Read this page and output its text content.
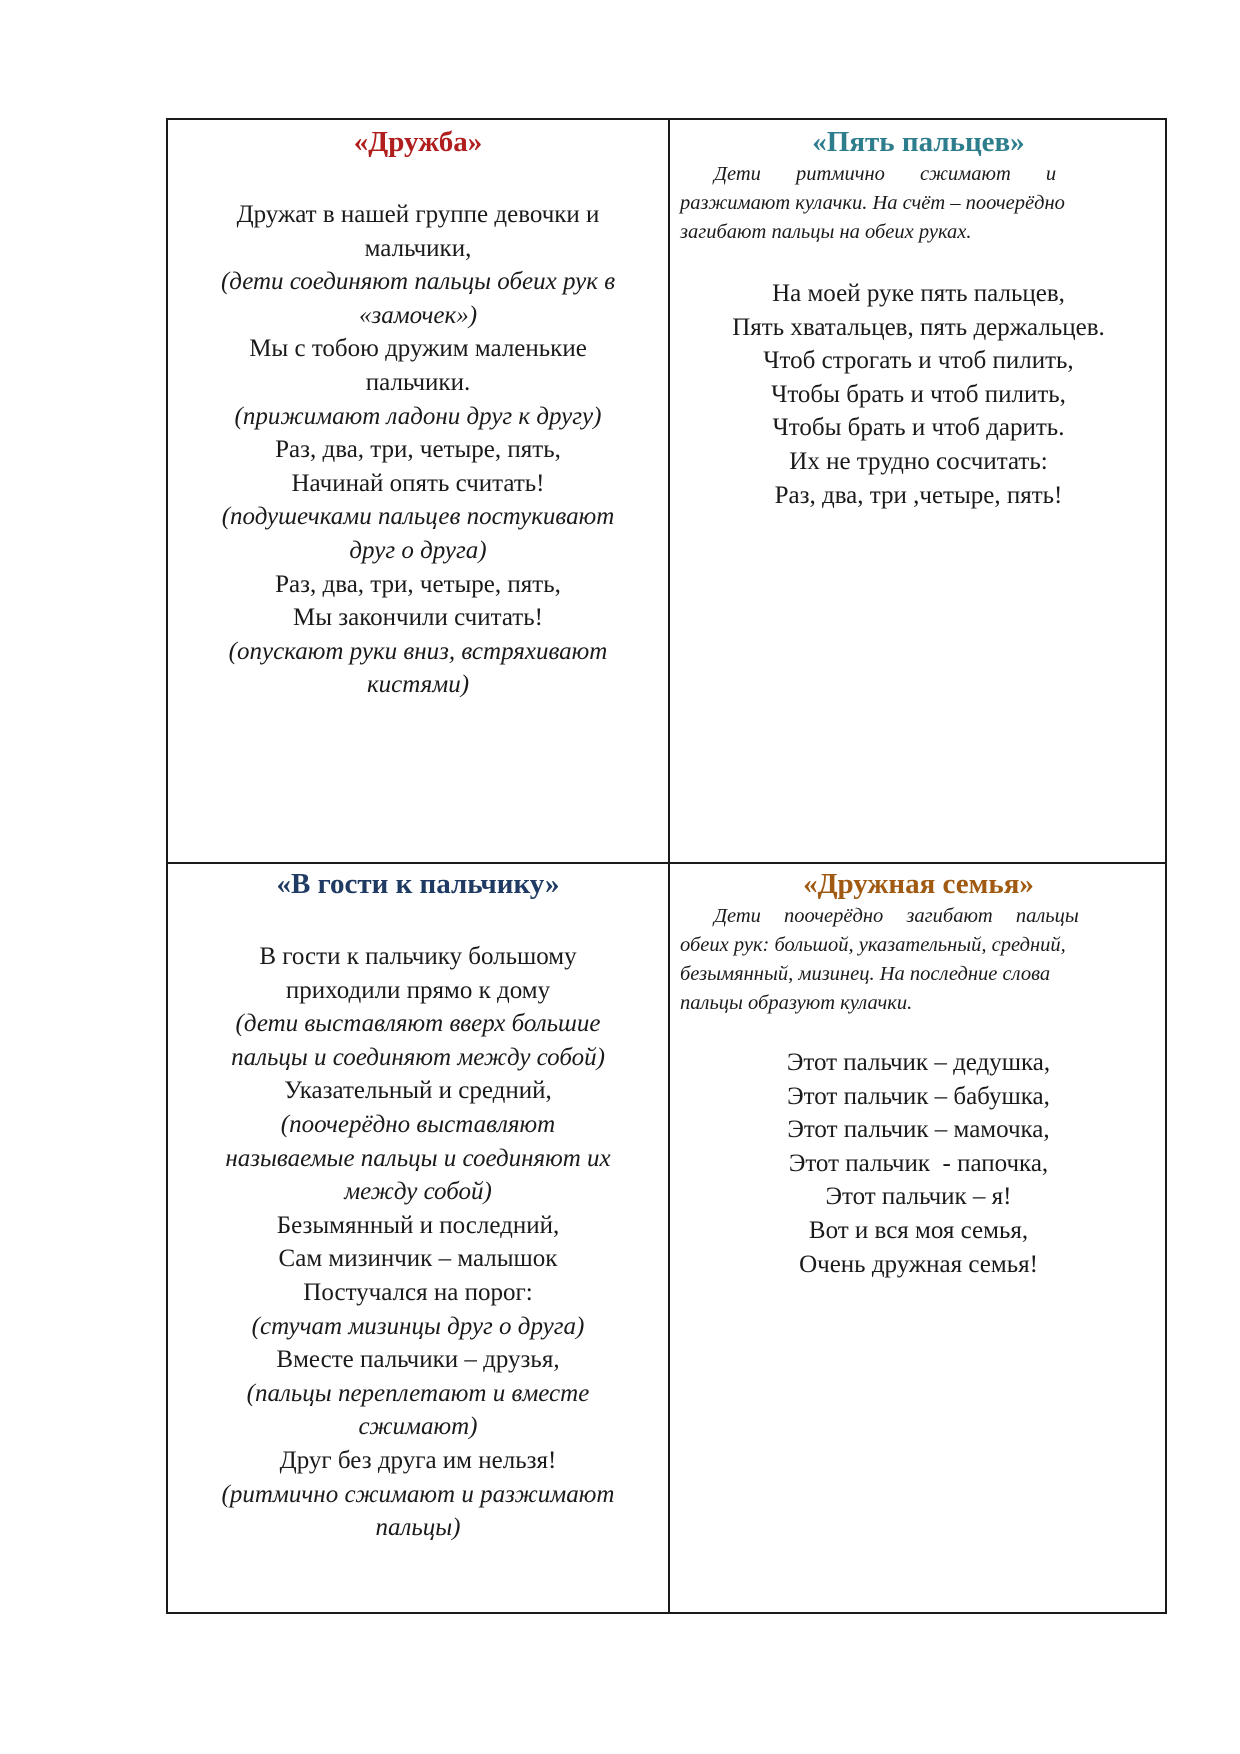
«Дружба»
Дружат в нашей группе девочки и
мальчики,
(дети соединяют пальцы обеих рук в
«замочек»)
Мы с тобою дружим маленькие
пальчики.
(прижимают ладони друг к другу)
Раз, два, три, четыре, пять,
Начинай опять считать!
(подушечками пальцев постукивают
друг о друга)
Раз, два, три, четыре, пять,
Мы закончили считать!
(опускают руки вниз, встряхивают
кистями)
«Пять пальцев»

Дети ритмично сжимают и
разжимают кулачки. На счёт – поочерёдно
загибают пальцы на обеих руках.

На моей руке пять пальцев,
Пять хватальцев, пять держальцев.
Чтоб строгать и чтоб пилить,
Чтобы брать и чтоб пилить,
Чтобы брать и чтоб дарить.
Их не трудно сосчитать:
Раз, два, три ,четыре, пять!
«В гости к пальчику»
В гости к пальчику большому
приходили прямо к дому
(дети выставляют вверх большие
пальцы и соединяют между собой)
Указательный и средний,
(поочерёдно выставляют
называемые пальцы и соединяют их
между собой)
Безымянный и последний,
Сам мизинчик – малышок
Постучался на порог:
(стучат мизинцы друг о друга)
Вместе пальчики – друзья,
(пальцы переплетают и вместе
сжимают)
Друг без друга им нельзя!
(ритмично сжимают и разжимают
пальцы)
«Дружная семья»

Дети поочерёдно загибают пальцы
обеих рук: большой, указательный, средний,
безымянный, мизинец. На последние слова
пальцы образуют кулачки.

Этот пальчик – дедушка,
Этот пальчик – бабушка,
Этот пальчик – мамочка,
Этот пальчик  - папочка,
Этот пальчик – я!
Вот и вся моя семья,
Очень дружная семья!
